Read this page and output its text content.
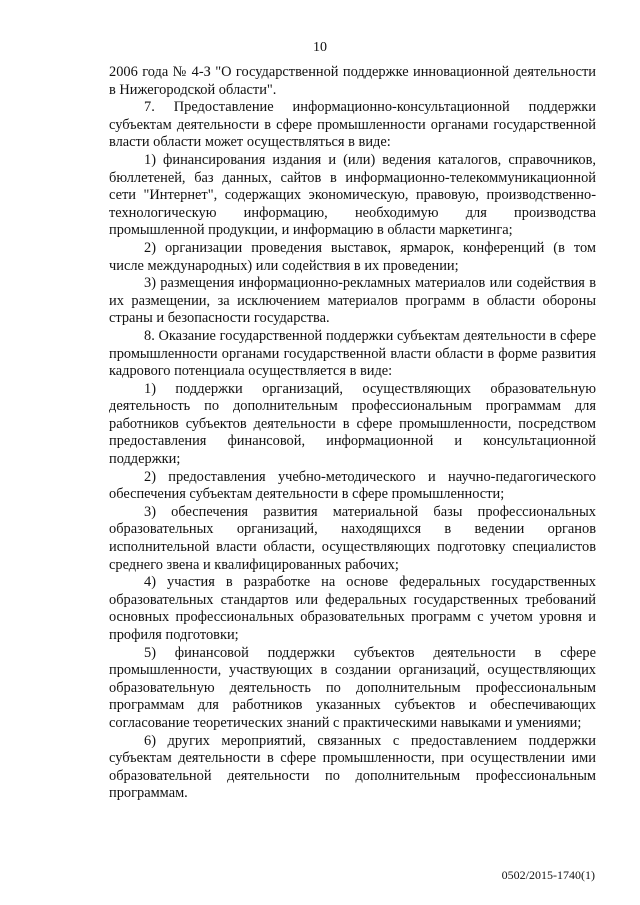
10

2006 года № 4-З "О государственной поддержке инновационной деятельности в Нижегородской области".

7. Предоставление информационно-консультационной поддержки субъектам деятельности в сфере промышленности органами государственной власти области может осуществляться в виде:

1) финансирования издания и (или) ведения каталогов, справочников, бюллетеней, баз данных, сайтов в информационно-телекоммуникационной сети "Интернет", содержащих экономическую, правовую, производственно-технологическую информацию, необходимую для производства промышленной продукции, и информацию в области маркетинга;

2) организации проведения выставок, ярмарок, конференций (в том числе международных) или содействия в их проведении;

3) размещения информационно-рекламных материалов или содействия в их размещении, за исключением материалов программ в области обороны страны и безопасности государства.

8. Оказание государственной поддержки субъектам деятельности в сфере промышленности органами государственной власти области в форме развития кадрового потенциала осуществляется в виде:

1) поддержки организаций, осуществляющих образовательную деятельность по дополнительным профессиональным программам для работников субъектов деятельности в сфере промышленности, посредством предоставления финансовой, информационной и консультационной поддержки;

2) предоставления учебно-методического и научно-педагогического обеспечения субъектам деятельности в сфере промышленности;

3) обеспечения развития материальной базы профессиональных образовательных организаций, находящихся в ведении органов исполнительной власти области, осуществляющих подготовку специалистов среднего звена и квалифицированных рабочих;

4) участия в разработке на основе федеральных государственных образовательных стандартов или федеральных государственных требований основных профессиональных образовательных программ с учетом уровня и профиля подготовки;

5) финансовой поддержки субъектов деятельности в сфере промышленности, участвующих в создании организаций, осуществляющих образовательную деятельность по дополнительным профессиональным программам для работников указанных субъектов и обеспечивающих согласование теоретических знаний с практическими навыками и умениями;

6) других мероприятий, связанных с предоставлением поддержки субъектам деятельности в сфере промышленности, при осуществлении ими образовательной деятельности по дополнительным профессиональным программам.

0502/2015-1740(1)
